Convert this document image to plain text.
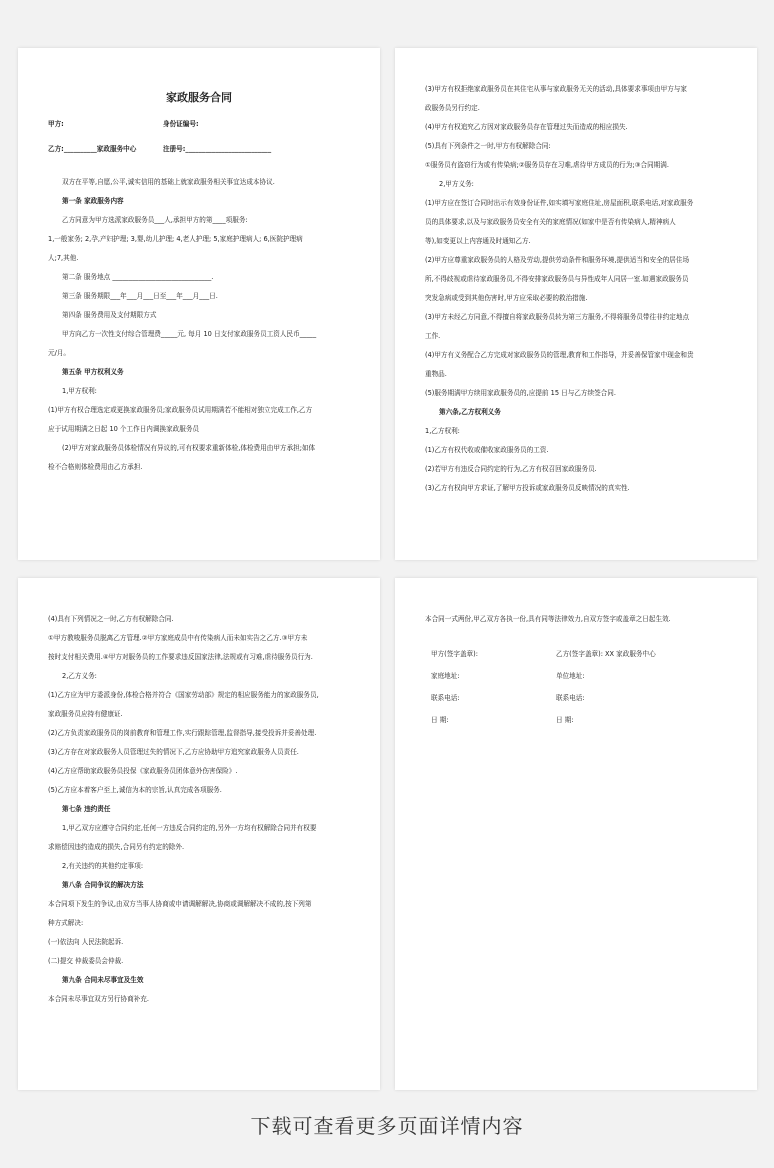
家政服务合同
甲方:	身份证编号:
乙方:__________家政服务中心	注册号:__________________________

双方在平等,自愿,公平,诚实信用的基础上就家政服务相关事宜达成本协议.

第一条 家政服务内容

乙方同意为甲方选派家政服务员___人,承担甲方的第____项服务:

1,一般家务; 2,孕,产妇护理; 3,婴,幼儿护理; 4,老人护理; 5,家庭护理病人; 6,医院护理病

人;7,其他.

第二条 服务地点 ______________________________.

第三条 服务期限___年___月___日至___年___月___日.

第四条 服务费用及支付期限方式

甲方向乙方一次性支付综合管理费_____元, 每月 10 日支付家政服务员工资人民币_____

元/月。

第五条 甲方权利义务

1,甲方权利:

(1)甲方有权合理选定或更换家政服务员;家政服务员试用期满若不能相对独立完成工作,乙方

应于试用期满之日起 10 个工作日内调换家政服务员

(2)甲方对家政服务员体检情况有异议的,可有权要求重新体检,体检费用由甲方承担;如体

检不合格则体检费用由乙方承担.

(3)甲方有权拒绝家政服务员在其住宅从事与家政服务无关的活动,具体要求事项由甲方与家

政服务员另行约定.

(4)甲方有权追究乙方因对家政服务员存在管理过失而造成的相应损失.

(5)具有下列条件之一时,甲方有权解除合同:

①服务员有盗窃行为或有传染病;②服务员存在习难,虐待甲方成员的行为;③合同期满.

2,甲方义务:

(1)甲方应在签订合同时出示有效身份证件,如实填写家庭住址,房屋面积,联系电话,对家政服务

员的具体要求,以及与家政服务员安全有关的家庭情况(如家中是否有传染病人,精神病人

等),如变更以上内容通及时通知乙方.

(2)甲方应尊重家政服务员的人格及劳动,提供劳动条件和服务环境,提供适当和安全的居住场

所,不得歧视或虐待家政服务员,不得安排家政服务员与异性成年人同居一室.如遇家政服务员

突发急病或受到其他伤害时,甲方应采取必要的救治措施.

(3)甲方未经乙方同意,不得擅自将家政服务员转为第三方服务,不得将服务员带往非约定地点

工作.

(4)甲方有义务配合乙方完成对家政服务员的管理,教育和工作指导，并妥善保管家中现金和贵

重物品.

(5)服务期满甲方续用家政服务员的,应提前 15 日与乙方续签合同.

第六条,乙方权利义务

1,乙方权利:

(1)乙方有权代收或催收家政服务员的工资.

(2)若甲方有违反合同约定的行为,乙方有权召回家政服务员.

(3)乙方有权向甲方求证,了解甲方投诉或家政服务员反映情况的真实性.

(4)具有下列情况之一时,乙方有权解除合同.

①甲方教唆服务员脱离乙方管理.②甲方家庭成员中有传染病人而未如实告之乙方.③甲方未

按时支付相关费用.④甲方对服务员的工作要求违反国家法律,法规或有习难,虐待服务员行为.

2,乙方义务:

(1)乙方应为甲方委派身份,体检合格并符合《国家劳动部》规定的相应服务能力的家政服务员,

家政服务员应持有健康证.

(2)乙方负责家政服务员的岗前教育和管理工作,实行跟踪管理,监督指导,接受投诉并妥善处理.

(3)乙方存在对家政服务人员管理过失的情况下,乙方应协助甲方追究家政服务人员责任.

(4)乙方应帮助家政服务员投保《家政服务员团体意外伤害保险》.

(5)乙方应本着客户至上,诚信为本的宗旨,认真完成各项服务.

第七条 违约责任

1,甲乙双方应遵守合同约定,任何一方违反合同约定的,另外一方均有权解除合同并有权要

求赔偿因违约造成的损失,合同另有约定的除外.

2,有关违约的其他约定事项:

第八条 合同争议的解决方法

本合同项下发生的争议,由双方当事人协商或申请调解解决,协商或调解解决不成的,按下列第

种方式解决:

(一)依法向 人民法院起诉.

(二)提交 仲裁委员会仲裁.

第九条 合同未尽事宜及生效

本合同未尽事宜双方另行协商补充.

本合同一式两份,甲乙双方各执一份,具有同等法律效力,自双方签字或盖章之日起生效.

甲方(签字盖章):	乙方(签字盖章): XX 家政服务中心
家庭地址:	单位地址:
联系电话:	联系电话:
日 期:	日 期:
下载可查看更多页面详情内容
